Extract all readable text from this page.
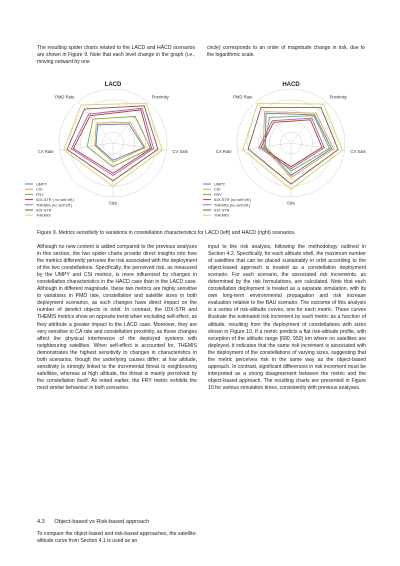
The resulting spider charts related to the LACD and HACD scenarios are shown in Figure 9. Note that each level change in the graph (i.e., moving outward by one

circle) corresponds to an order of magnitude change in risk, due to the logarithmic scale.

LACD
Proximity
CV Sats
Size
CA Rate
PMD Rate
UMPY
CSI
FRY
IDX-STR ( no self eff.)
THEMIS (no self eff.)
IDX-STR
THEMIS
HACD
Proximity
CV Sats
Size
CA Rate
PMD Rate
UMPY
CSI
FRY
IDX-STR (no self eff.)
THEMIS (no self eff.)
IDX-STR
THEMIS
Figure 9. Metrics sensitivity to variations in constellation characteristics for LACD (left) and HACD (right) scenarios.

Although no new content is added compared to the previous analyses in this section, the two spider charts provide direct insights into how the metrics differently perceive the risk associated with the deployment of the two constellations. Specifically, the perceived risk, as measured by the UMPY and CSI metrics, is more influenced by changes in constellation characteristics in the HACD case than in the LACD case. Although in different magnitude, these two metrics are highly sensitive to variations in PMD rate, constellation and satellite sizes in both deployment scenarios, as such changes have direct impact on the number of derelict objects in orbit. In contrast, the IDX-STR and THEMIS metrics show an opposite trend when excluding self-effect, as they attribute a greater impact to the LACD case. Moreover, they are very sensitive to CA rate and constellation proximity, as these changes affect the physical interference of the deployed systems with neighbouring satellites. When self-effect is accounted for, THEMIS demonstrates the highest sensitivity to changes in characteristics in both scenarios, though the underlying causes differ: at low altitude, sensitivity is strongly linked to the incremental threat to neighbouring satellites, whereas at high altitude, the threat is mainly perceived by the constellation itself. As noted earlier, the FRY metric exhibits the most similar behaviour in both scenarios.

input to the risk analysis, following the methodology outlined in Section 4.2. Specifically, for each altitude shell, the maximum number of satellites that can be placed sustainably in orbit according to the object-based approach is treated as a constellation deployment scenario. For each scenario, the associated risk increments, as determined by the risk formulations, are calculated. Note that each constellation deployment is treated as a separate simulation, with its own long-term environmental propagation and risk increase evaluation relative to the BAU scenario. The outcome of this analysis is a series of risk-altitude curves, one for each metric. These curves illustrate the estimated risk increment by each metric as a function of altitude, resulting from the deployment of constellations with sizes shown in Figure 10. If a metric predicts a flat risk-altitude profile, with exception of the altitude range [680, 950) km where no satellites are deployed, it indicates that the same risk increment is associated with the deployment of the constellations of varying sizes, suggesting that the metric perceives risk in the same way as the object-based approach. In contrast, significant differences in risk increment must be interpreted as a strong disagreement between the metric and the object-based approach. The resulting charts are presented in Figure 10 for various simulation times, consistently with previous analyses.

4.3 Object-based vs Risk-based approach

To compare the object-based and risk-based approaches, the satellite-altitude curve from Section 4.1 is used as an
